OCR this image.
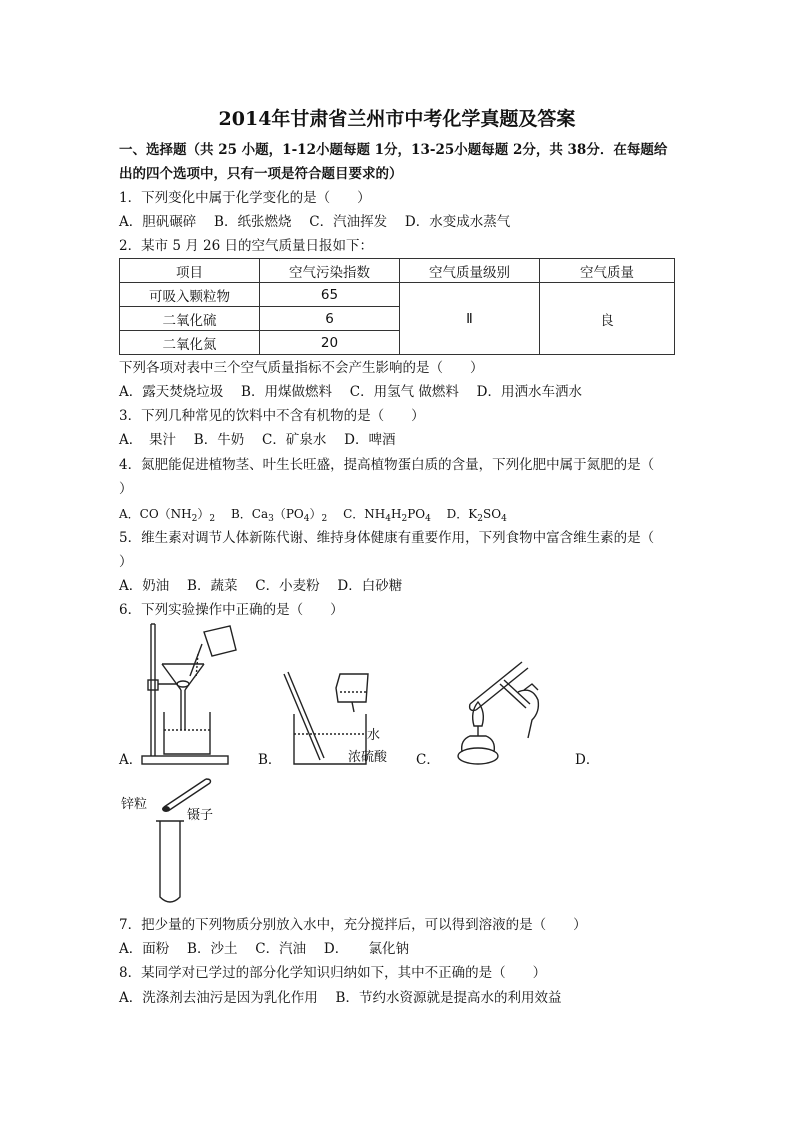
2014年甘肃省兰州市中考化学真题及答案
一、选择题（共 25 小题，1-12小题每题 1分，13-25小题每题 2分，共 38分．在每题给
出的四个选项中，只有一项是符合题目要求的）
1．下列变化中属于化学变化的是（　　）
A．胆矾碾碎　 B．纸张燃烧　 C．汽油挥发　 D．水变成水蒸气
2．某市 5 月 26 日的空气质量日报如下：
项目	空气污染指数	空气质量级别	空气质量
可吸入颗粒物	65	Ⅱ	良
二氧化硫	6		
二氧化氮	20		
下列各项对表中三个空气质量指标不会产生影响的是（　　）
A．露天焚烧垃圾　 B．用煤做燃料　 C．用氢气 做燃料　 D．用洒水车洒水
3．下列几种常见的饮料中不含有机物的是（　　）
A．　果汁　 B．牛奶　 C．矿泉水　 D．啤酒
4．氮肥能促进植物茎、叶生长旺盛，提高植物蛋白质的含量，下列化肥中属于氮肥的是（
）
A．$CO(NH_2)_2$　 B．$Ca_3(PO_4)_2$　 C．$NH_4H_2PO_4$　 D．$K_2SO_4$
5．维生素对调节人体新陈代谢、维持身体健康有重要作用，下列食物中富含维生素的是（
）
A．奶油　 B．蔬菜　 C．小麦粉　 D．白砂糖
6．下列实验操作中正确的是（　　）
A．
水
浓硫酸
B．	C．	D．
锌粒
镊子
7．把少量的下列物质分别放入水中，充分搅拌后，可以得到溶液的是（　　）
A．面粉　 B．沙土　 C．汽油　 D．　　氯化钠
8．某同学对已学过的部分化学知识归纳如下，其中不正确的是（　　）
A．洗涤剂去油污是因为乳化作用　 B．节约水资源就是提高水的利用效益
